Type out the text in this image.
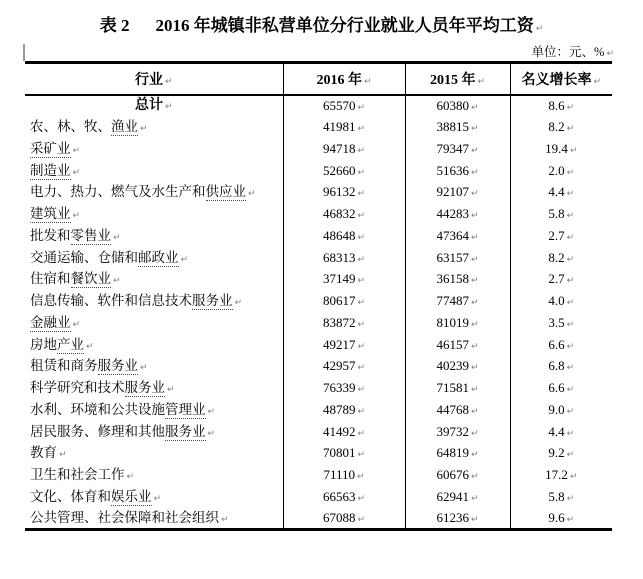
表 2 2016 年城镇非私营单位分行业就业人员年平均工资 ↵
单位：元、% ↵
行业 ↵	2016 年 ↵	2015 年 ↵	名义增长率 ↵
总计 ↵	65570 ↵	60380 ↵	8.6 ↵
农、林、牧、渔业 ↵	41981 ↵	38815 ↵	8.2 ↵
采矿业 ↵	94718 ↵	79347 ↵	19.4 ↵
制造业 ↵	52660 ↵	51636 ↵	2.0 ↵
电力、热力、燃气及水生产和供应业 ↵	96132 ↵	92107 ↵	4.4 ↵
建筑业 ↵	46832 ↵	44283 ↵	5.8 ↵
批发和零售业 ↵	48648 ↵	47364 ↵	2.7 ↵
交通运输、仓储和邮政业 ↵	68313 ↵	63157 ↵	8.2 ↵
住宿和餐饮业 ↵	37149 ↵	36158 ↵	2.7 ↵
信息传输、软件和信息技术服务业 ↵	80617 ↵	77487 ↵	4.0 ↵
金融业 ↵	83872 ↵	81019 ↵	3.5 ↵
房地产业 ↵	49217 ↵	46157 ↵	6.6 ↵
租赁和商务服务业 ↵	42957 ↵	40239 ↵	6.8 ↵
科学研究和技术服务业 ↵	76339 ↵	71581 ↵	6.6 ↵
水利、环境和公共设施管理业 ↵	48789 ↵	44768 ↵	9.0 ↵
居民服务、修理和其他服务业 ↵	41492 ↵	39732 ↵	4.4 ↵
教育 ↵	70801 ↵	64819 ↵	9.2 ↵
卫生和社会工作 ↵	71110 ↵	60676 ↵	17.2 ↵
文化、体育和娱乐业 ↵	66563 ↵	62941 ↵	5.8 ↵
公共管理、社会保障和社会组织 ↵	67088 ↵	61236 ↵	9.6 ↵
